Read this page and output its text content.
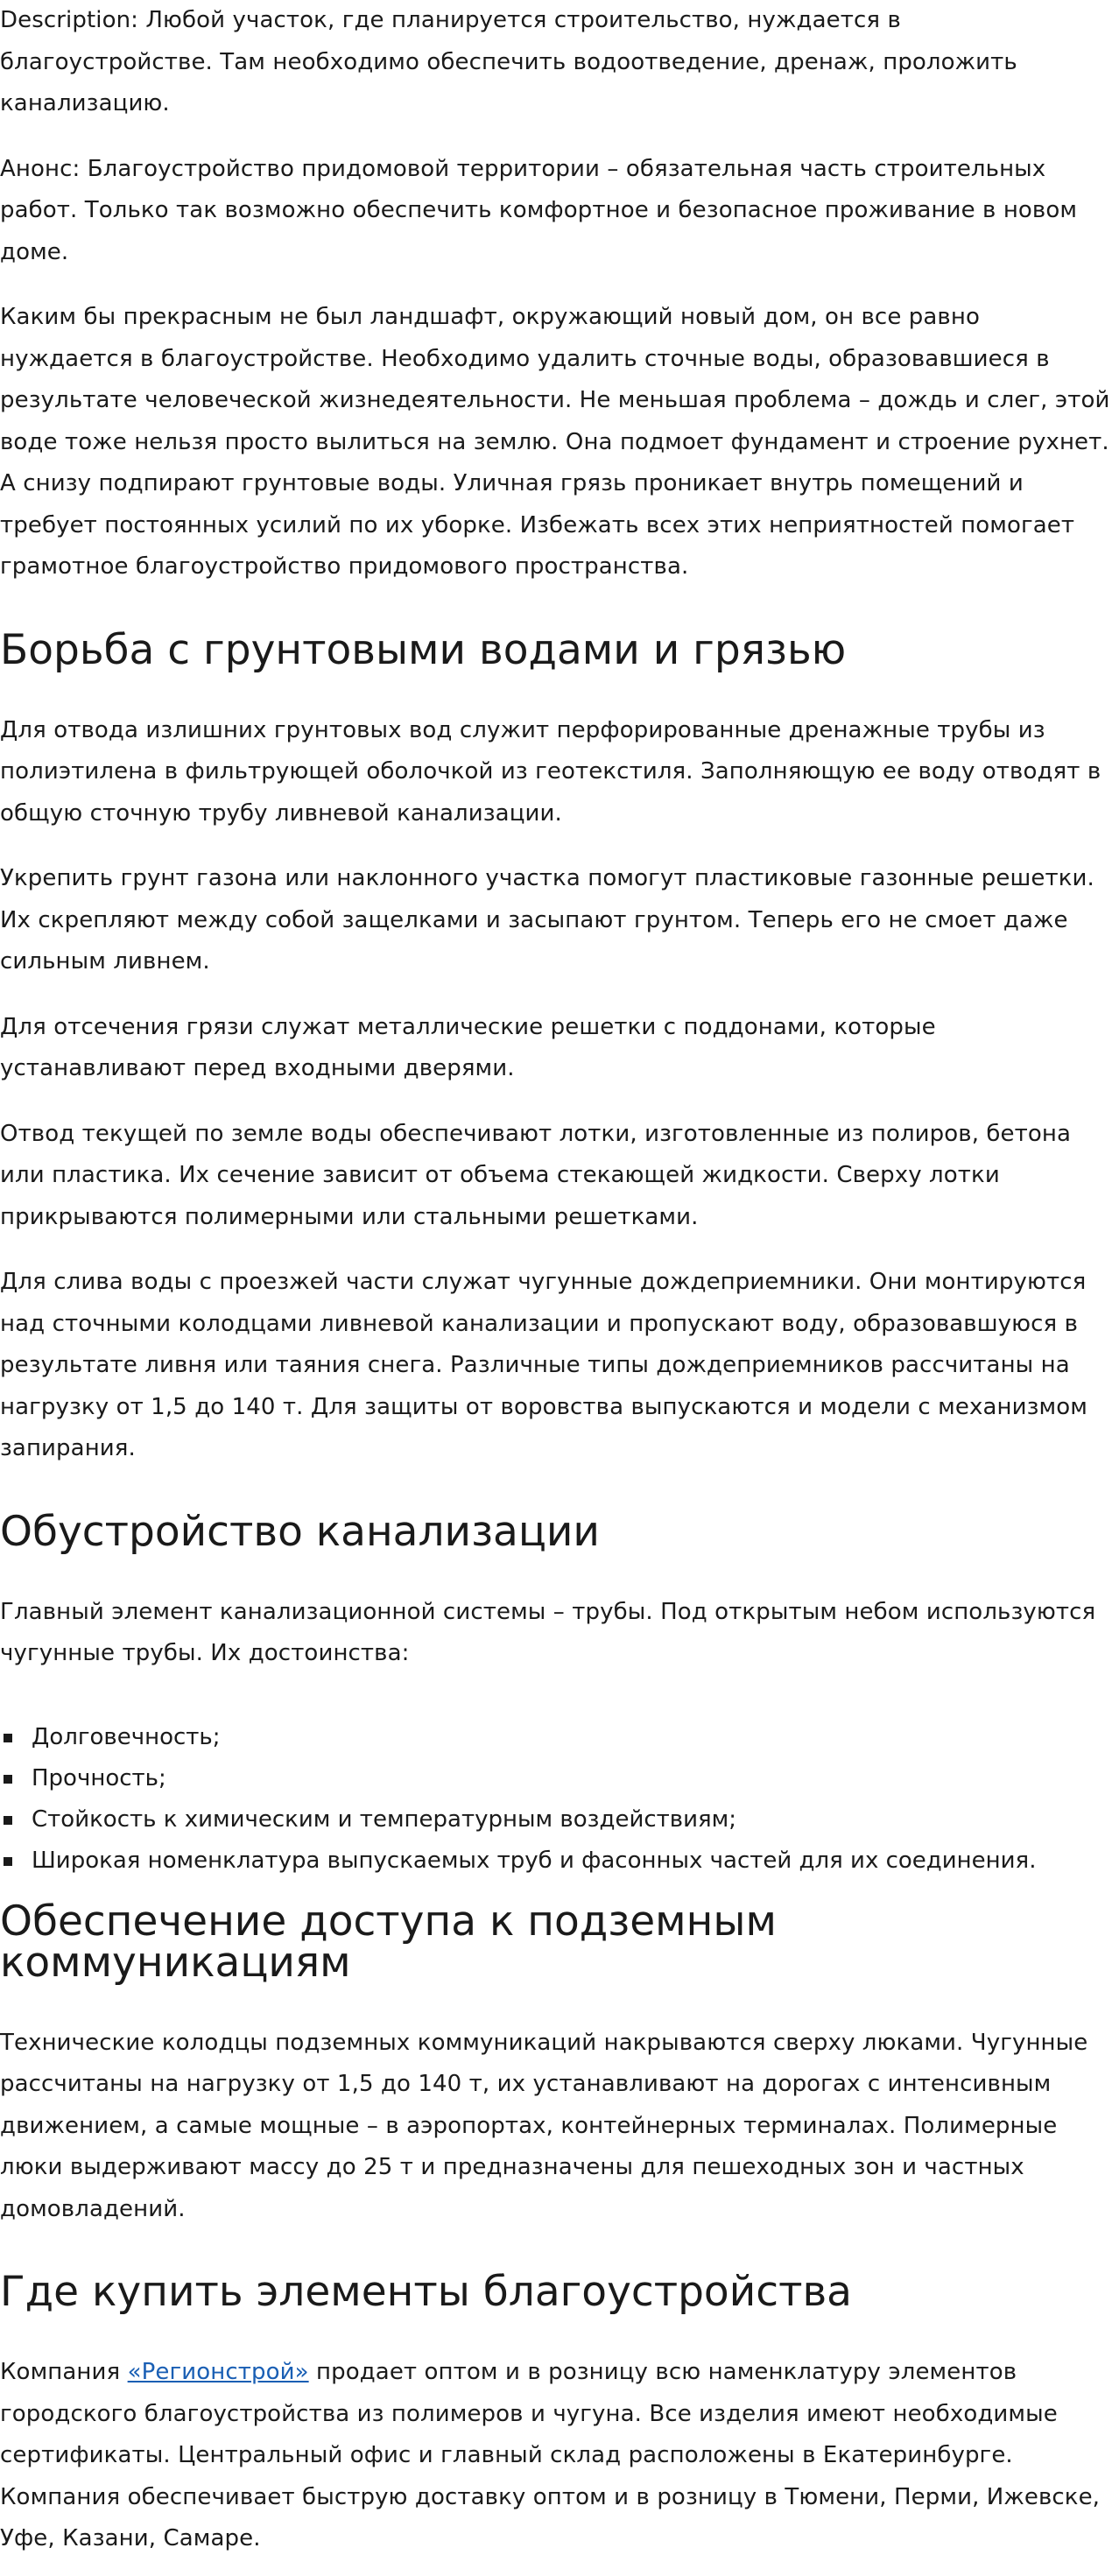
Description: Любой участок, где планируется строительство, нуждается в благоустройстве. Там необходимо обеспечить водоотведение, дренаж, проложить канализацию.

Анонс: Благоустройство придомовой территории – обязательная часть строительных работ. Только так возможно обеспечить комфортное и безопасное проживание в новом доме.

Каким бы прекрасным не был ландшафт, окружающий новый дом, он все равно нуждается в благоустройстве. Необходимо удалить сточные воды, образовавшиеся в результате человеческой жизнедеятельности. Не меньшая проблема – дождь и слег, этой воде тоже нельзя просто вылиться на землю. Она подмоет фундамент и строение рухнет. А снизу подпирают грунтовые воды. Уличная грязь проникает внутрь помещений и требует постоянных усилий по их уборке. Избежать всех этих неприятностей помогает грамотное благоустройство придомового пространства.

Борьба с грунтовыми водами и грязью

Для отвода излишних грунтовых вод служит перфорированные дренажные трубы из полиэтилена в фильтрующей оболочкой из геотекстиля. Заполняющую ее воду отводят в общую сточную трубу ливневой канализации.

Укрепить грунт газона или наклонного участка помогут пластиковые газонные решетки. Их скрепляют между собой защелками и засыпают грунтом. Теперь его не смоет даже сильным ливнем.

Для отсечения грязи служат металлические решетки с поддонами, которые устанавливают перед входными дверями.

Отвод текущей по земле воды обеспечивают лотки, изготовленные из полиров, бетона или пластика. Их сечение зависит от объема стекающей жидкости. Сверху лотки прикрываются полимерными или стальными решетками.

Для слива воды с проезжей части служат чугунные дождеприемники. Они монтируются над сточными колодцами ливневой канализации и пропускают воду, образовавшуюся в результате ливня или таяния снега. Различные типы дождеприемников рассчитаны на нагрузку от 1,5 до 140 т. Для защиты от воровства выпускаются и модели с механизмом запирания.

Обустройство канализации

Главный элемент канализационной системы – трубы. Под открытым небом используются чугунные трубы. Их достоинства:

Долговечность;
Прочность;
Стойкость к химическим и температурным воздействиям;
Широкая номенклатура выпускаемых труб и фасонных частей для их соединения.
Обеспечение доступа к подземным коммуникациям

Технические колодцы подземных коммуникаций накрываются сверху люками. Чугунные рассчитаны на нагрузку от 1,5 до 140 т, их устанавливают на дорогах с интенсивным движением, а самые мощные – в аэропортах, контейнерных терминалах. Полимерные люки выдерживают массу до 25 т и предназначены для пешеходных зон и частных домовладений.

Где купить элементы благоустройства

Компания «Регионстрой» продает оптом и в розницу всю наменклатуру элементов городского благоустройства из полимеров и чугуна. Все изделия имеют необходимые сертификаты. Центральный офис и главный склад расположены в Екатеринбурге. Компания обеспечивает быструю доставку оптом и в розницу в Тюмени, Перми, Ижевске, Уфе, Казани, Самаре.
